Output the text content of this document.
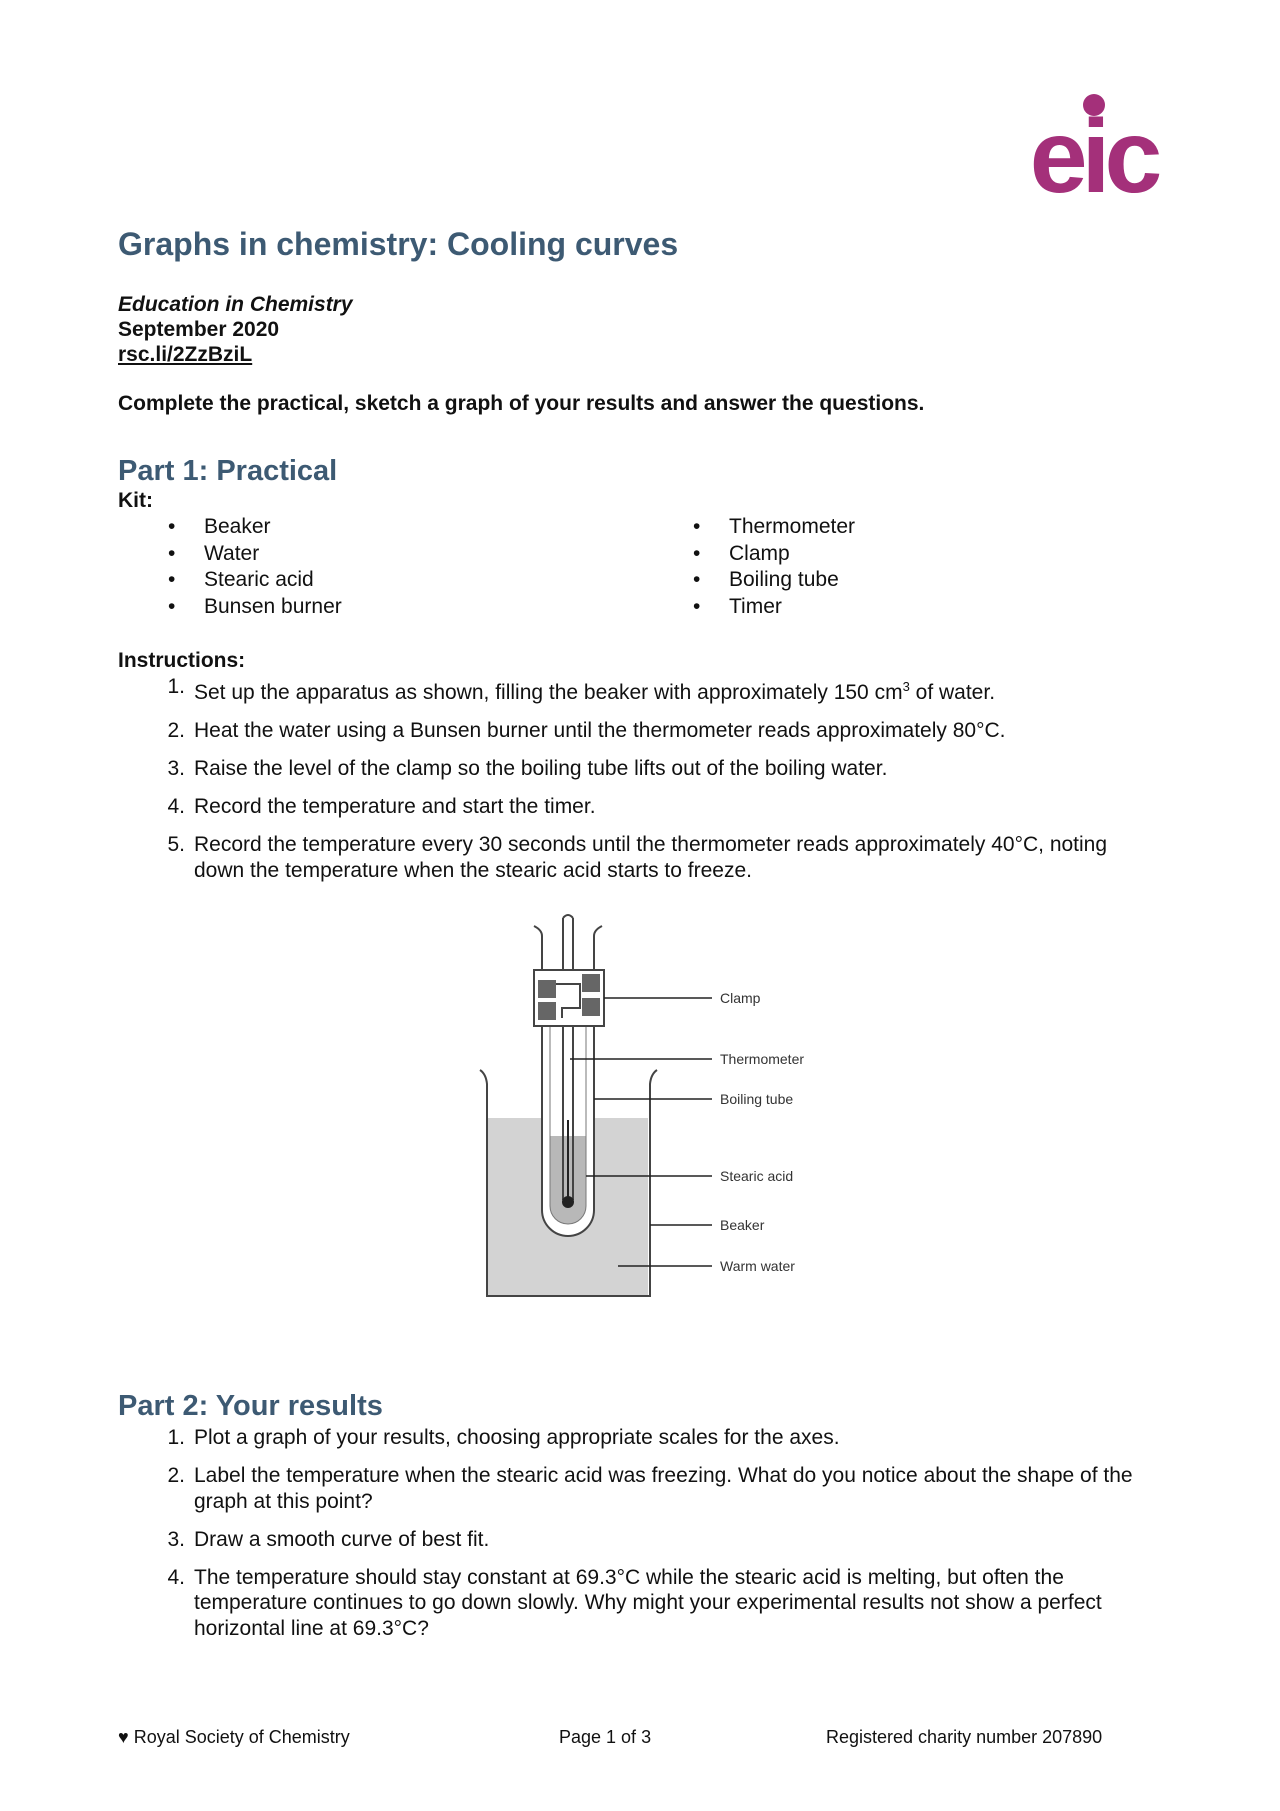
eic
Graphs in chemistry: Cooling curves
Education in Chemistry
September 2020
rsc.li/2ZzBziL
Complete the practical, sketch a graph of your results and answer the questions.
Part 1: Practical
Kit:
•	Beaker
•	Water
•	Stearic acid
•	Bunsen burner
•	Thermometer
•	Clamp
•	Boiling tube
•	Timer
Instructions:
1. Set up the apparatus as shown, filling the beaker with approximately 150 $cm^3$ of water.
2. Heat the water using a Bunsen burner until the thermometer reads approximately 80°C.
3. Raise the level of the clamp so the boiling tube lifts out of the boiling water.
4. Record the temperature and start the timer.
5. Record the temperature every 30 seconds until the thermometer reads approximately 40°C, noting down the temperature when the stearic acid starts to freeze.
Clamp
Thermometer
Boiling tube
Stearic acid
Beaker
Warm water
Part 2: Your results
1. Plot a graph of your results, choosing appropriate scales for the axes.
2. Label the temperature when the stearic acid was freezing. What do you notice about the shape of the graph at this point?
3. Draw a smooth curve of best fit.
4. The temperature should stay constant at 69.3°C while the stearic acid is melting, but often the temperature continues to go down slowly. Why might your experimental results not show a perfect horizontal line at 69.3°C?
♥ Royal Society of Chemistry	Page 1 of 3	Registered charity number 207890
